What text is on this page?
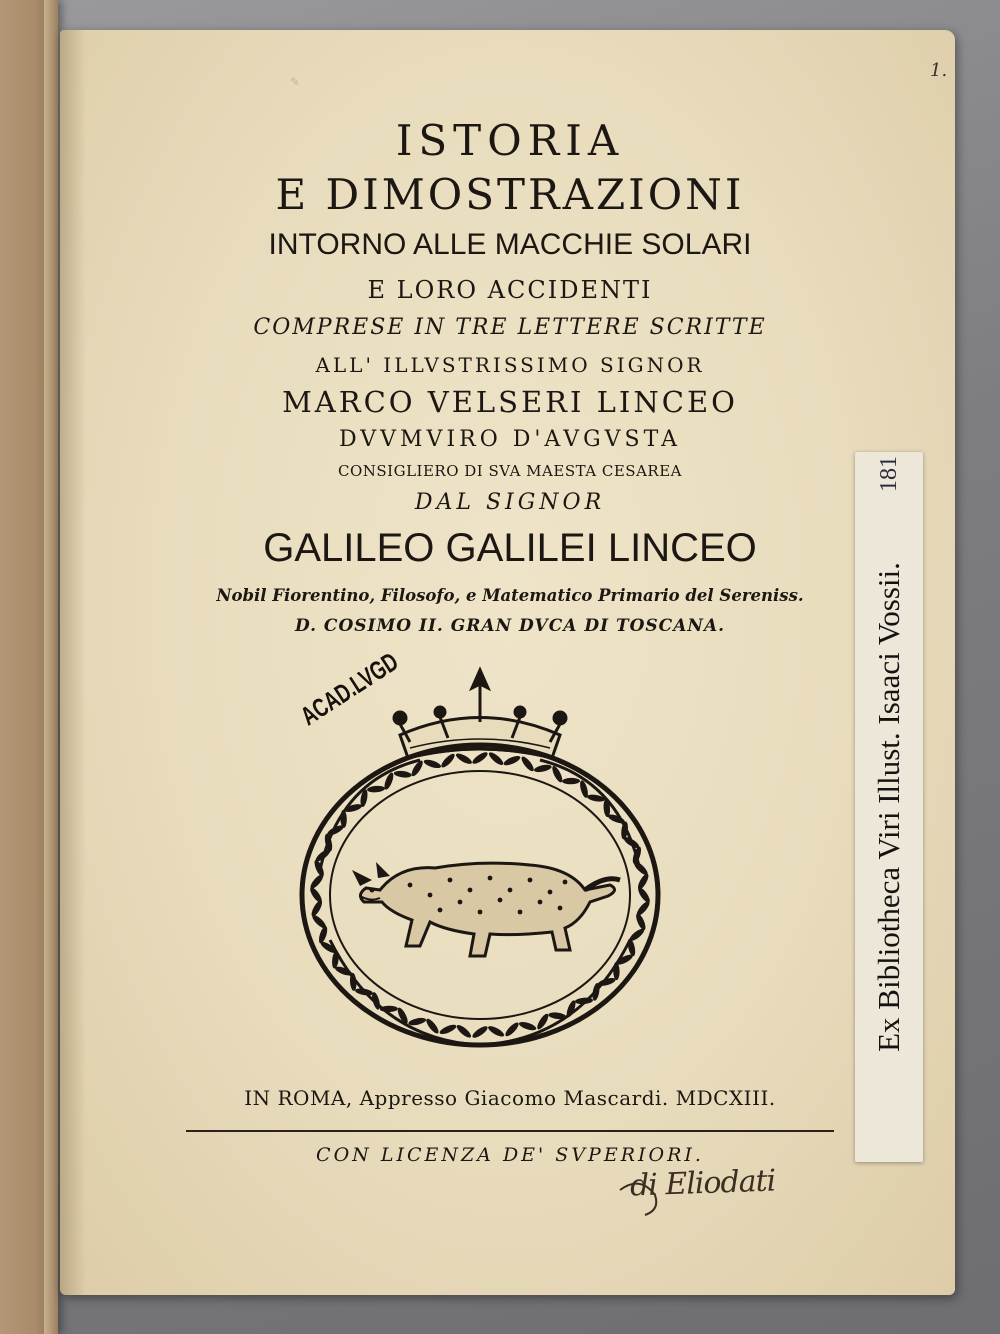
✎
1.

ISTORIA

E DIMOSTRAZIONI

INTORNO ALLE MACCHIE SOLARI

E LORO ACCIDENTI

COMPRESE IN TRE LETTERE SCRITTE

ALL' ILLVSTRISSIMO SIGNOR

MARCO VELSERI LINCEO

DVVMVIRO D'AVGVSTA

CONSIGLIERO DI SVA MAESTA CESAREA

DAL SIGNOR

GALILEO GALILEI LINCEO

Nobil Fiorentino, Filosofo, e Matematico Primario del Sereniss.

D. COSIMO II. GRAN DVCA DI TOSCANA.

ACAD.LVGD
IN ROMA, Appresso Giacomo Mascardi. MDCXIII.
CON LICENZA DE' SVPERIORI.
181
Ex Bibliotheca Viri Illust. Isaaci Vossii.
di Eliodati
